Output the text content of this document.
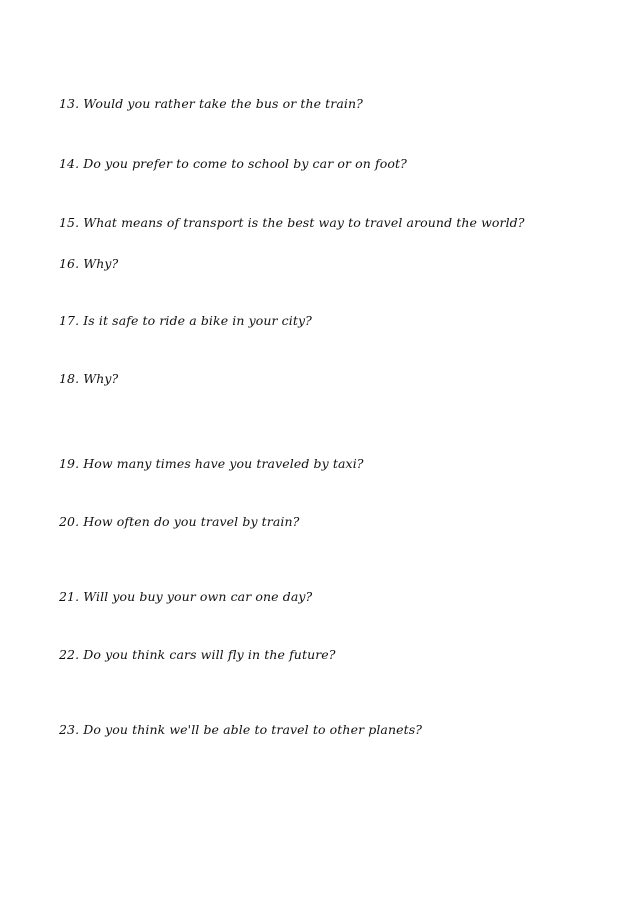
13. Would you rather take the bus or the train?
14. Do you prefer to come to school by car or on foot?
15. What means of transport is the best way to travel around the world?
16. Why?
17. Is it safe to ride a bike in your city?
18. Why?
19. How many times have you traveled by taxi?
20. How often do you travel by train?
21. Will you buy your own car one day?
22. Do you think cars will fly in the future?
23. Do you think we'll be able to travel to other planets?
